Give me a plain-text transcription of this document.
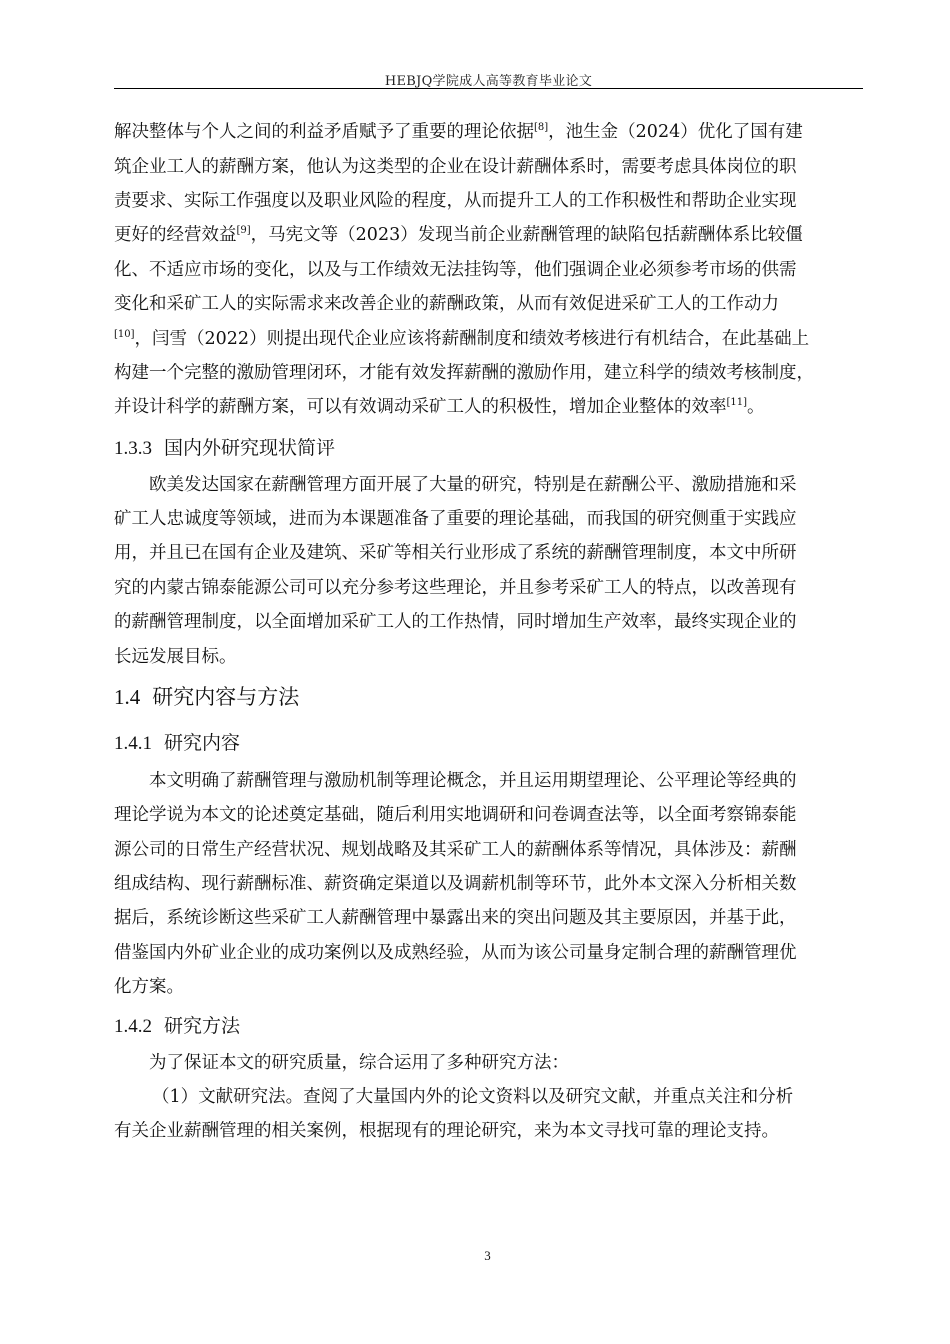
HEBJQ学院成人高等教育毕业论文
解决整体与个人之间的利益矛盾赋予了重要的理论依据[8]，池生金（2024）优化了国有建
筑企业工人的薪酬方案，他认为这类型的企业在设计薪酬体系时，需要考虑具体岗位的职
责要求、实际工作强度以及职业风险的程度，从而提升工人的工作积极性和帮助企业实现
更好的经营效益[9]，马宪文等（2023）发现当前企业薪酬管理的缺陷包括薪酬体系比较僵
化、不适应市场的变化，以及与工作绩效无法挂钩等，他们强调企业必须参考市场的供需
变化和采矿工人的实际需求来改善企业的薪酬政策，从而有效促进采矿工人的工作动力
[10]，闫雪（2022）则提出现代企业应该将薪酬制度和绩效考核进行有机结合，在此基础上
构建一个完整的激励管理闭环，才能有效发挥薪酬的激励作用，建立科学的绩效考核制度，
并设计科学的薪酬方案，可以有效调动采矿工人的积极性，增加企业整体的效率[11]。
1.3.3 国内外研究现状简评
欧美发达国家在薪酬管理方面开展了大量的研究，特别是在薪酬公平、激励措施和采
矿工人忠诚度等领域，进而为本课题准备了重要的理论基础，而我国的研究侧重于实践应
用，并且已在国有企业及建筑、采矿等相关行业形成了系统的薪酬管理制度，本文中所研
究的内蒙古锦泰能源公司可以充分参考这些理论，并且参考采矿工人的特点，以改善现有
的薪酬管理制度，以全面增加采矿工人的工作热情，同时增加生产效率，最终实现企业的
长远发展目标。
1.4 研究内容与方法
1.4.1 研究内容
本文明确了薪酬管理与激励机制等理论概念，并且运用期望理论、公平理论等经典的
理论学说为本文的论述奠定基础，随后利用实地调研和问卷调查法等，以全面考察锦泰能
源公司的日常生产经营状况、规划战略及其采矿工人的薪酬体系等情况，具体涉及：薪酬
组成结构、现行薪酬标准、薪资确定渠道以及调薪机制等环节，此外本文深入分析相关数
据后，系统诊断这些采矿工人薪酬管理中暴露出来的突出问题及其主要原因，并基于此，
借鉴国内外矿业企业的成功案例以及成熟经验，从而为该公司量身定制合理的薪酬管理优
化方案。
1.4.2 研究方法
为了保证本文的研究质量，综合运用了多种研究方法：
（1）文献研究法。查阅了大量国内外的论文资料以及研究文献，并重点关注和分析
有关企业薪酬管理的相关案例，根据现有的理论研究，来为本文寻找可靠的理论支持。
3
